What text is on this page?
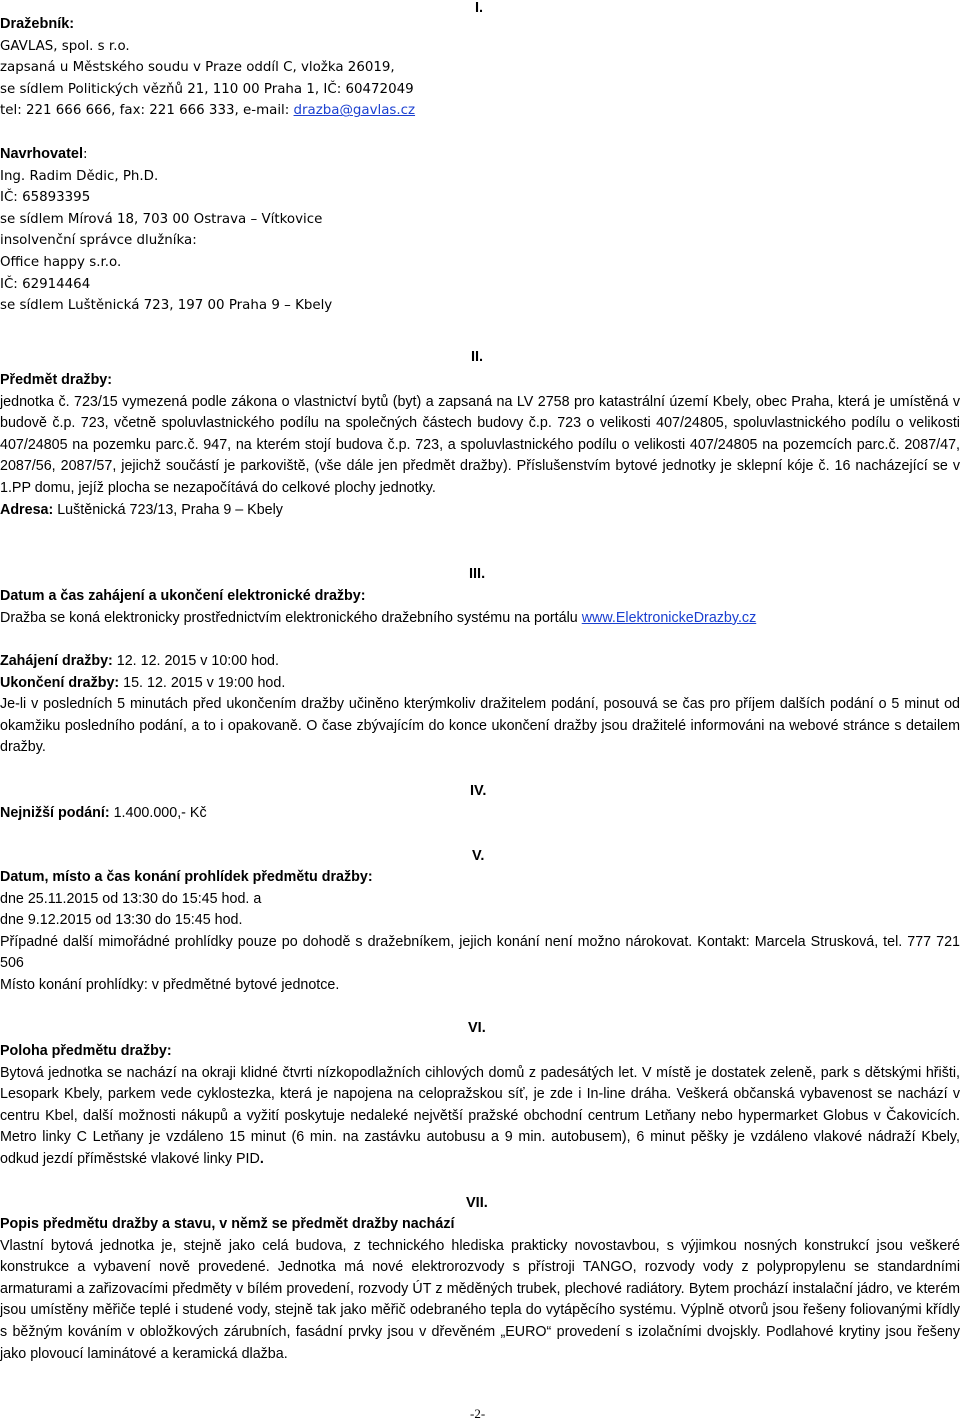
I.
II.
III.
IV.
V.
VI.
VII.
Dražebník:
GAVLAS, spol. s r.o.
zapsaná u Městského soudu v Praze oddíl C, vložka 26019,
se sídlem Politických vězňů 21, 110 00 Praha 1, IČ: 60472049
tel: 221 666 666, fax: 221 666 333, e-mail: drazba@gavlas.cz
Navrhovatel:
Ing. Radim Dědic, Ph.D.
IČ: 65893395
se sídlem Mírová 18, 703 00 Ostrava – Vítkovice
insolvenční správce dlužníka:
Office happy s.r.o.
IČ: 62914464
se sídlem Luštěnická 723, 197 00 Praha 9 – Kbely
Předmět dražby:
jednotka č. 723/15 vymezená podle zákona o vlastnictví bytů (byt) a zapsaná na LV 2758 pro katastrální území Kbely, obec Praha, která je umístěná v budově č.p. 723, včetně spoluvlastnického podílu na společných částech budovy č.p. 723 o velikosti 407/24805, spoluvlastnického podílu o velikosti 407/24805 na pozemku parc.č. 947, na kterém stojí budova č.p. 723, a spoluvlastnického podílu o velikosti 407/24805 na pozemcích parc.č. 2087/47, 2087/56, 2087/57, jejichž součástí je parkoviště, (vše dále jen předmět dražby). Příslušenstvím bytové jednotky je sklepní kóje č. 16 nacházející se v 1.PP domu, jejíž plocha se nezapočítává do celkové plochy jednotky.
Adresa: Luštěnická 723/13, Praha 9 – Kbely
Datum a čas zahájení a ukončení elektronické dražby:
Dražba se koná elektronicky prostřednictvím elektronického dražebního systému na portálu www.ElektronickeDrazby.cz
Zahájení dražby: 12. 12. 2015 v 10:00 hod.
Ukončení dražby: 15. 12. 2015 v 19:00 hod.
Je-li v posledních 5 minutách před ukončením dražby učiněno kterýmkoliv dražitelem podání, posouvá se čas pro příjem dalších podání o 5 minut od okamžiku posledního podání, a to i opakovaně. O čase zbývajícím do konce ukončení dražby jsou dražitelé informováni na webové stránce s detailem dražby.
Nejnižší podání: 1.400.000,- Kč
Datum, místo a čas konání prohlídek předmětu dražby:
dne 25.11.2015 od 13:30 do 15:45 hod. a
dne 9.12.2015 od 13:30 do 15:45 hod.
Případné další mimořádné prohlídky pouze po dohodě s dražebníkem, jejich konání není možno nárokovat. Kontakt: Marcela Strusková, tel. 777 721 506
Místo konání prohlídky: v předmětné bytové jednotce.
Poloha předmětu dražby:
Bytová jednotka se nachází na okraji klidné čtvrti nízkopodlažních cihlových domů z padesátých let. V místě je dostatek zeleně, park s dětskými hřišti, Lesopark Kbely, parkem vede cyklostezka, která je napojena na celopražskou síť, je zde i In-line dráha. Veškerá občanská vybavenost se nachází v centru Kbel, další možnosti nákupů a vyžití poskytuje nedaleké největší pražské obchodní centrum Letňany nebo hypermarket Globus v Čakovicích. Metro linky C Letňany je vzdáleno 15 minut (6 min. na zastávku autobusu a 9 min. autobusem), 6 minut pěšky je vzdáleno vlakové nádraží Kbely, odkud jezdí příměstské vlakové linky PID.
Popis předmětu dražby a stavu, v němž se předmět dražby nachází
Vlastní bytová jednotka je, stejně jako celá budova, z technického hlediska prakticky novostavbou, s výjimkou nosných konstrukcí jsou veškeré konstrukce a vybavení nově provedené. Jednotka má nové elektrorozvody s přístroji TANGO, rozvody vody z polypropylenu se standardními armaturami a zařizovacími předměty v bílém provedení, rozvody ÚT z měděných trubek, plechové radiátory. Bytem prochází instalační jádro, ve kterém jsou umístěny měřiče teplé i studené vody, stejně tak jako měřič odebraného tepla do vytápěcího systému. Výplně otvorů jsou řešeny foliovanými křídly s běžným kováním v obložkových zárubních, fasádní prvky jsou v dřevěném „EURO“ provedení s izolačními dvojskly. Podlahové krytiny jsou řešeny jako plovoucí laminátové a keramická dlažba.
-2-
